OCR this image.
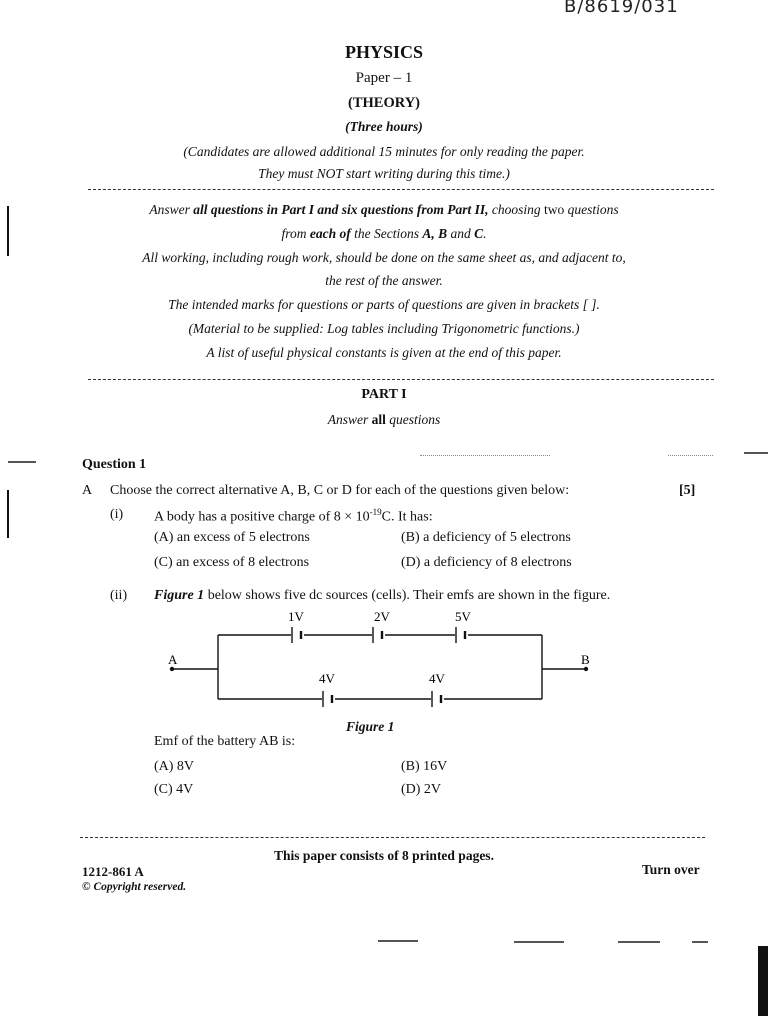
B/8619/031
PHYSICS
Paper – 1
(THEORY)
(Three hours)
(Candidates are allowed additional 15 minutes for only reading the paper.
They must NOT start writing during this time.)
Answer all questions in Part I and six questions from Part II, choosing two questions
from each of the Sections A, B and C.
All working, including rough work, should be done on the same sheet as, and adjacent to,
the rest of the answer.
The intended marks for questions or parts of questions are given in brackets [ ].
(Material to be supplied: Log tables including Trigonometric functions.)
A list of useful physical constants is given at the end of this paper.
PART I
Answer all questions
Question 1
A Choose the correct alternative A, B, C or D for each of the questions given below:	[5]
(i) A body has a positive charge of $8 \times 10^{-19}C$. It has:
(A) an excess of 5 electrons	(B) a deficiency of 5 electrons
(C) an excess of 8 electrons	(D) a deficiency of 8 electrons
(ii) Figure 1 below shows five dc sources (cells). Their emfs are shown in the figure.
A	B
1V	2V	5V
4V	4V
Figure 1
Emf of the battery AB is:
(A) 8V	(B) 16V
(C) 4V	(D) 2V
This paper consists of 8 printed pages.
1212-861 A
© Copyright reserved.
Turn over
